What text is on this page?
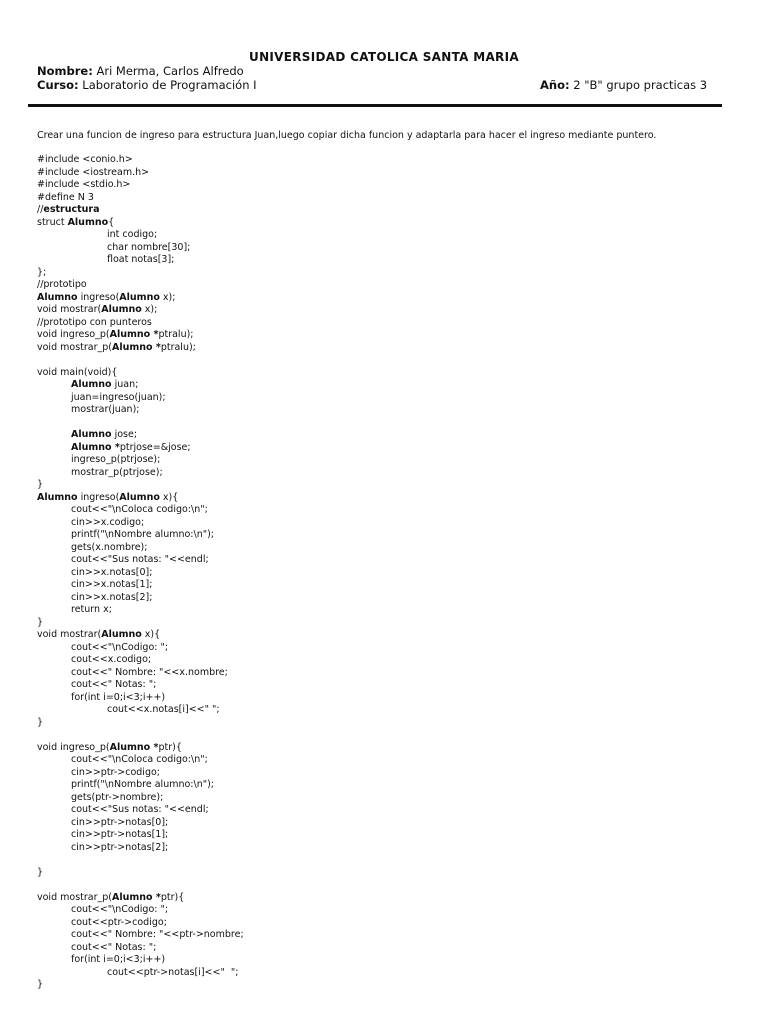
UNIVERSIDAD CATOLICA SANTA MARIA
Nombre: Ari Merma, Carlos Alfredo
Curso: Laboratorio de Programación I	Año: 2 "B" grupo practicas 3
Crear una funcion de ingreso para estructura Juan,luego copiar dicha funcion y adaptarla para hacer el ingreso mediante puntero.
#include <conio.h>
#include <iostream.h>
#include <stdio.h>
#define N 3
//estructura
struct Alumno{
int codigo;
char nombre[30];
float notas[3];
};
//prototipo
Alumno ingreso(Alumno x);
void mostrar(Alumno x);
//prototipo con punteros
void ingreso_p(Alumno *ptralu);
void mostrar_p(Alumno *ptralu);
void main(void){
Alumno juan;
juan=ingreso(juan);
mostrar(juan);
Alumno jose;
Alumno *ptrjose=&jose;
ingreso_p(ptrjose);
mostrar_p(ptrjose);
}
Alumno ingreso(Alumno x){
cout<<"\nColoca codigo:\n";
cin>>x.codigo;
printf("\nNombre alumno:\n");
gets(x.nombre);
cout<<"Sus notas: "<<endl;
cin>>x.notas[0];
cin>>x.notas[1];
cin>>x.notas[2];
return x;
}
void mostrar(Alumno x){
cout<<"\nCodigo: ";
cout<<x.codigo;
cout<<" Nombre: "<<x.nombre;
cout<<" Notas: ";
for(int i=0;i<3;i++)
cout<<x.notas[i]<<" ";
}
void ingreso_p(Alumno *ptr){
cout<<"\nColoca codigo:\n";
cin>>ptr->codigo;
printf("\nNombre alumno:\n");
gets(ptr->nombre);
cout<<"Sus notas: "<<endl;
cin>>ptr->notas[0];
cin>>ptr->notas[1];
cin>>ptr->notas[2];
}
void mostrar_p(Alumno *ptr){
cout<<"\nCodigo: ";
cout<<ptr->codigo;
cout<<" Nombre: "<<ptr->nombre;
cout<<" Notas: ";
for(int i=0;i<3;i++)
cout<<ptr->notas[i]<<"  ";
}
